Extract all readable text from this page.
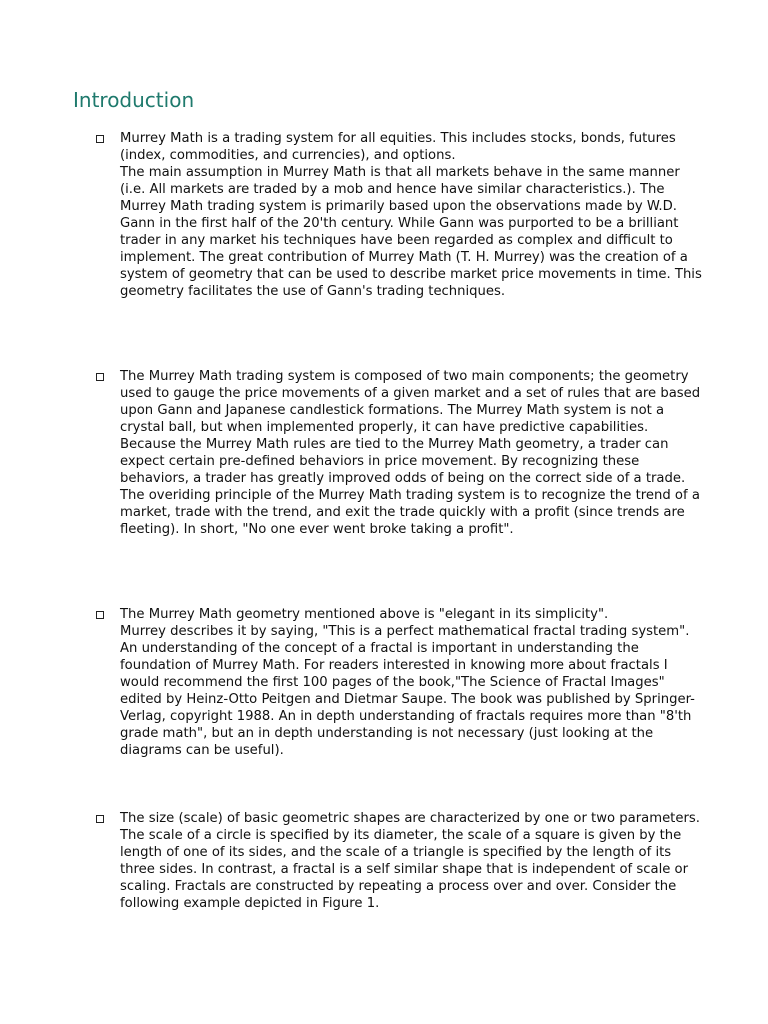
Introduction

Murrey Math is a trading system for all equities. This includes stocks, bonds, futures (index, commodities, and currencies), and options.

The main assumption in Murrey Math is that all markets behave in the same manner (i.e. All markets are traded by a mob and hence have similar characteristics.). The Murrey Math trading system is primarily based upon the observations made by W.D. Gann in the first half of the 20'th century. While Gann was purported to be a brilliant trader in any market his techniques have been regarded as complex and difficult to implement. The great contribution of Murrey Math (T. H. Murrey) was the creation of a system of geometry that can be used to describe market price movements in time. This geometry facilitates the use of Gann's trading techniques.

The Murrey Math trading system is composed of two main components; the geometry used to gauge the price movements of a given market and a set of rules that are based upon Gann and Japanese candlestick formations. The Murrey Math system is not a crystal ball, but when implemented properly, it can have predictive capabilities. Because the Murrey Math rules are tied to the Murrey Math geometry, a trader can expect certain pre-defined behaviors in price movement. By recognizing these behaviors, a trader has greatly improved odds of being on the correct side of a trade. The overiding principle of the Murrey Math trading system is to recognize the trend of a market, trade with the trend, and exit the trade quickly with a profit (since trends are fleeting). In short, "No one ever went broke taking a profit".

The Murrey Math geometry mentioned above is "elegant in its simplicity".

Murrey describes it by saying, "This is a perfect mathematical fractal trading system". An understanding of the concept of a fractal is important in understanding the foundation of Murrey Math. For readers interested in knowing more about fractals I would recommend the first 100 pages of the book,"The Science of Fractal Images" edited by Heinz-Otto Peitgen and Dietmar Saupe. The book was published by Springer-Verlag, copyright 1988. An in depth understanding of fractals requires more than "8'th grade math", but an in depth understanding is not necessary (just looking at the diagrams can be useful).

The size (scale) of basic geometric shapes are characterized by one or two parameters.

The scale of a circle is specified by its diameter, the scale of a square is given by the length of one of its sides, and the scale of a triangle is specified by the length of its three sides. In contrast, a fractal is a self similar shape that is independent of scale or scaling. Fractals are constructed by repeating a process over and over. Consider the following example depicted in Figure 1.
